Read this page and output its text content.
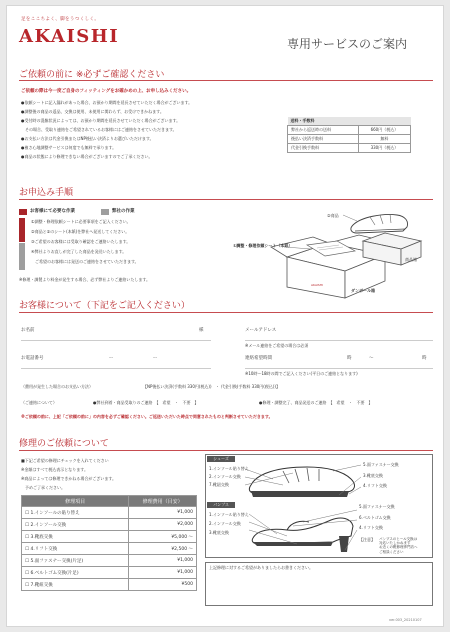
足をここちよく、脚をうつくしく。
AKAISHI	専用サービスのご案内
ご依頼の前に ※必ずご確認ください
ご依頼の際は今一度ご自身のフィッティングをお確かめの上、お申し込みください。
●依頼シートに記入漏れがあった場合、お預かり期間を延長させていただく場合がございます。
●調整後の商品の返品、交換は使用、未使用に関わらず、お受けできかねます。
●受付時の混雑状況によっては、お預かり期間を延長させていただく場合がございます。
　その場合、受取り連絡をご希望されているお客様にはご連絡をさせていただきます。
●お支払い方法は代金引換またはNP後払い決済よりお選びいただけます。
●複さ心地調整サービスは何度でも無料で承ります。
●商品の状態により修理できない場合がございますのでご了承ください。
送料・手数料	
弊社から返送時の送料	660円（税込）
後払い決済手数料	無料
代金引換手数料	330円（税込）
お申込み手順
お客様にて必要な作業	弊社の作業
①調整・修理依頼シートに必要事項をご記入ください。
②商品と①のシート(本紙)を弊社へ発送してください。
③ご希望のお客様には受取り確認をご連絡いたします。
④弊社よりお直しが完了した商品を発送いたします。
　ご希望のお客様には発送のご連絡をさせていただきます。
※修理・調製より料金が発生する場合、必ず弊社よりご連絡いたします。
②商品
①調整・修理依頼シート（本紙）
商品箱
ダンボール箱
AKAISHI
お客様について（下記をご記入ください）
お名前	様	メールアドレス
※メール連絡をご希望の場合は必須
お電話番号	ー	ー	連絡希望時間	時	〜	時
※10時〜18時の間でご記入ください(平日のご連絡となります)
（費用が発生した場合のお支払い方法）	【NP後払い決済(手数料 330円(税込))　・ 代金引換(手数料 330円(税込))】
（ご連絡について）	●弊社到着・商品受取りのご連絡　【　希望　・　不要　】	●修理・調整完了、商品発送のご連絡　【　希望　・　不要　】
※ご依頼の前に、上記「ご依頼の前に」の内容を必ずご確認ください。ご返送いただいた時点で同意されたものと判断させていただきます。
修理のご依頼について
■下記ご希望の修理にチェックを入れてください
※金額はすべて税込表示となります。
※商品によっては修理できかねる場合がございます。
　予めご了承ください。
修理項目	修理費用（目安）
☐ 1.インソールの貼り替え	¥1,000
☐ 2.インソール交換	¥2,000
☐ 3.靴底交換	¥5,000 〜
☐ 4.リフト交換	¥2,500 〜
☐ 5.面ファスナー交換(片足)	¥1,000
☐ 6.ベルトゴム交換(片足)	¥1,000
☐ 7.靴紐交換	¥500
シューズ
1.インソール貼り替え
2.インソール交換
7.靴紐交換
5.面ファスナー交換
3.靴底交換
4.リフト交換
パンプス
1.インソール貼り替え
2.インソール交換
3.靴底交換
5.面ファスナー交換
6.ベルトゴム交換
4.リフト交換
【注意】 パンプスのヒール交換は
対応いたしかねます
お近くの靴修理専門店へ
ご相談ください
上記修理に対するご希望がありましたらお書きください。
ver.003_20210107
